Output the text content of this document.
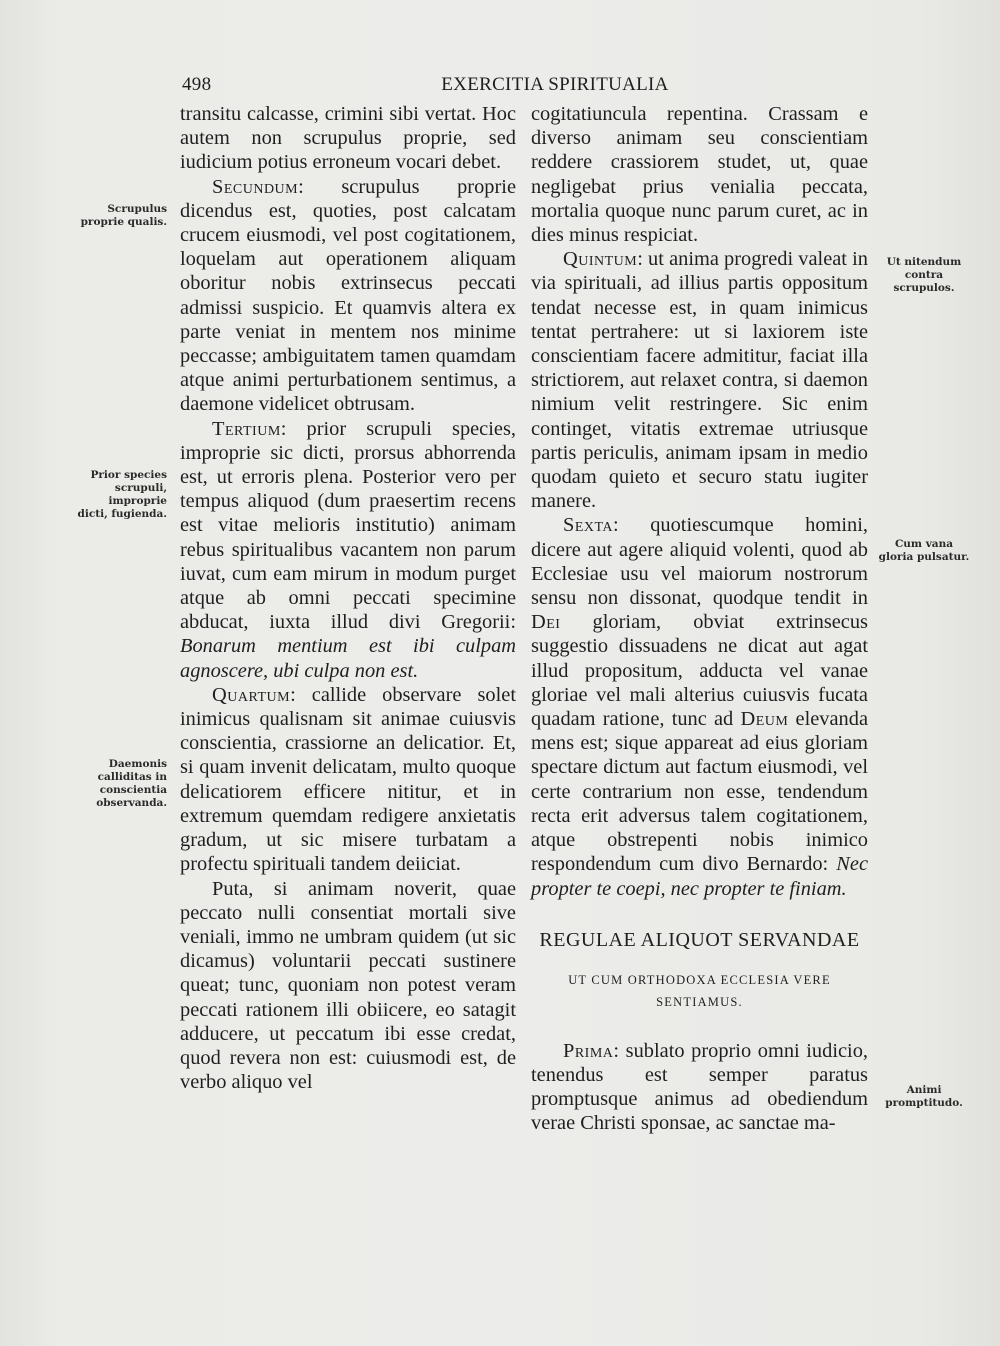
498	EXERCITIA SPIRITUALIA
Scrupulus proprie qualis.
Prior species scrupuli, improprie dicti, fugienda.
Daemonis calliditas in conscientia observanda.
Ut nitendum contra scrupulos.
Cum vana gloria pulsatur.
Animi promptitudo.

transitu calcasse, crimini sibi vertat. Hoc autem non scrupulus proprie, sed iudicium potius erroneum vocari debet.

Secundum: scrupulus proprie dicendus est, quoties, post calcatam crucem eiusmodi, vel post cogitationem, loquelam aut operationem aliquam oboritur nobis extrinsecus peccati admissi suspicio. Et quamvis altera ex parte veniat in mentem nos minime peccasse; ambiguitatem tamen quamdam atque animi perturbationem sentimus, a daemone videlicet obtrusam.

Tertium: prior scrupuli species, improprie sic dicti, prorsus abhorrenda est, ut erroris plena. Posterior vero per tempus aliquod (dum praesertim recens est vitae melioris institutio) animam rebus spiritualibus vacantem non parum iuvat, cum eam mirum in modum purget atque ab omni peccati specimine abducat, iuxta illud divi Gregorii: Bonarum mentium est ibi culpam agnoscere, ubi culpa non est.

Quartum: callide observare solet inimicus qualisnam sit animae cuiusvis conscientia, crassiorne an delicatior. Et, si quam invenit delicatam, multo quoque delicatiorem efficere nititur, et in extremum quemdam redigere anxietatis gradum, ut sic misere turbatam a profectu spirituali tandem deiiciat.

Puta, si animam noverit, quae peccato nulli consentiat mortali sive veniali, immo ne umbram quidem (ut sic dicamus) voluntarii peccati sustinere queat; tunc, quoniam non potest veram peccati rationem illi obiicere, eo satagit adducere, ut peccatum ibi esse credat, quod revera non est: cuiusmodi est, de verbo aliquo vel

cogitatiuncula repentina. Crassam e diverso animam seu conscientiam reddere crassiorem studet, ut, quae negligebat prius venialia peccata, mortalia quoque nunc parum curet, ac in dies minus respiciat.

Quintum: ut anima progredi valeat in via spirituali, ad illius partis oppositum tendat necesse est, in quam inimicus tentat pertrahere: ut si laxiorem iste conscientiam facere admititur, faciat illa strictiorem, aut relaxet contra, si daemon nimium velit restringere. Sic enim continget, vitatis extremae utriusque partis periculis, animam ipsam in medio quodam quieto et securo statu iugiter manere.

Sexta: quotiescumque homini, dicere aut agere aliquid volenti, quod ab Ecclesiae usu vel maiorum nostrorum sensu non dissonat, quodque tendit in Dei gloriam, obviat extrinsecus suggestio dissuadens ne dicat aut agat illud propositum, adducta vel vanae gloriae vel mali alterius cuiusvis fucata quadam ratione, tunc ad Deum elevanda mens est; sique appareat ad eius gloriam spectare dictum aut factum eiusmodi, vel certe contrarium non esse, tendendum recta erit adversus talem cogitationem, atque obstrepenti nobis inimico respondendum cum divo Bernardo: Nec propter te coepi, nec propter te finiam.

REGULAE ALIQUOT SERVANDAE
UT CUM ORTHODOXA ECCLESIA VERE
SENTIAMUS.

Prima: sublato proprio omni iudicio, tenendus est semper paratus promptusque animus ad obediendum verae Christi sponsae, ac sanctae ma-
